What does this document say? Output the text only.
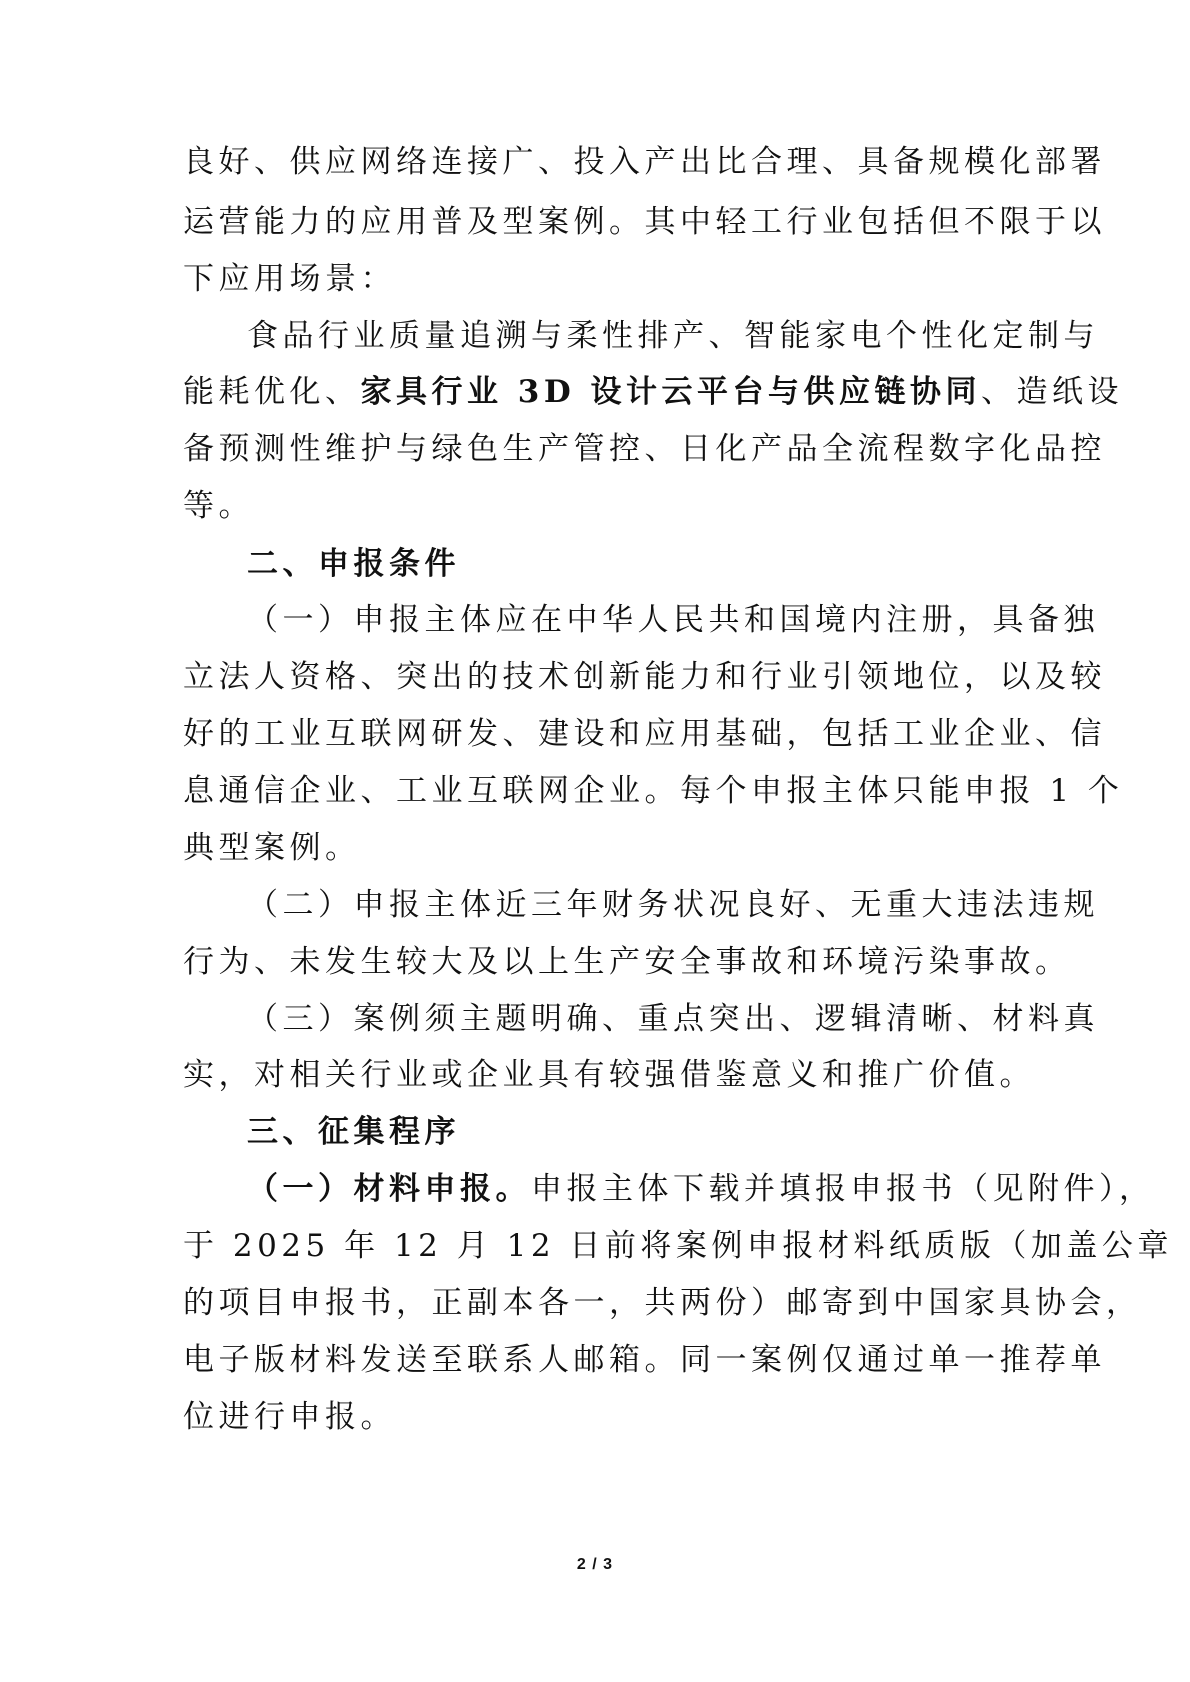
良好、供应网络连接广、投入产出比合理、具备规模化部署
运营能力的应用普及型案例。其中轻工行业包括但不限于以
下应用场景：
食品行业质量追溯与柔性排产、智能家电个性化定制与
能耗优化、家具行业 3D 设计云平台与供应链协同、造纸设
备预测性维护与绿色生产管控、日化产品全流程数字化品控
等。
二、申报条件
（一）申报主体应在中华人民共和国境内注册，具备独
立法人资格、突出的技术创新能力和行业引领地位，以及较
好的工业互联网研发、建设和应用基础，包括工业企业、信
息通信企业、工业互联网企业。每个申报主体只能申报 1 个
典型案例。
（二）申报主体近三年财务状况良好、无重大违法违规
行为、未发生较大及以上生产安全事故和环境污染事故。
（三）案例须主题明确、重点突出、逻辑清晰、材料真
实，对相关行业或企业具有较强借鉴意义和推广价值。
三、征集程序
（一）材料申报。申报主体下载并填报申报书（见附件），
于 2025 年 12 月 12 日前将案例申报材料纸质版（加盖公章
的项目申报书，正副本各一，共两份）邮寄到中国家具协会，
电子版材料发送至联系人邮箱。同一案例仅通过单一推荐单
位进行申报。
2 / 3
